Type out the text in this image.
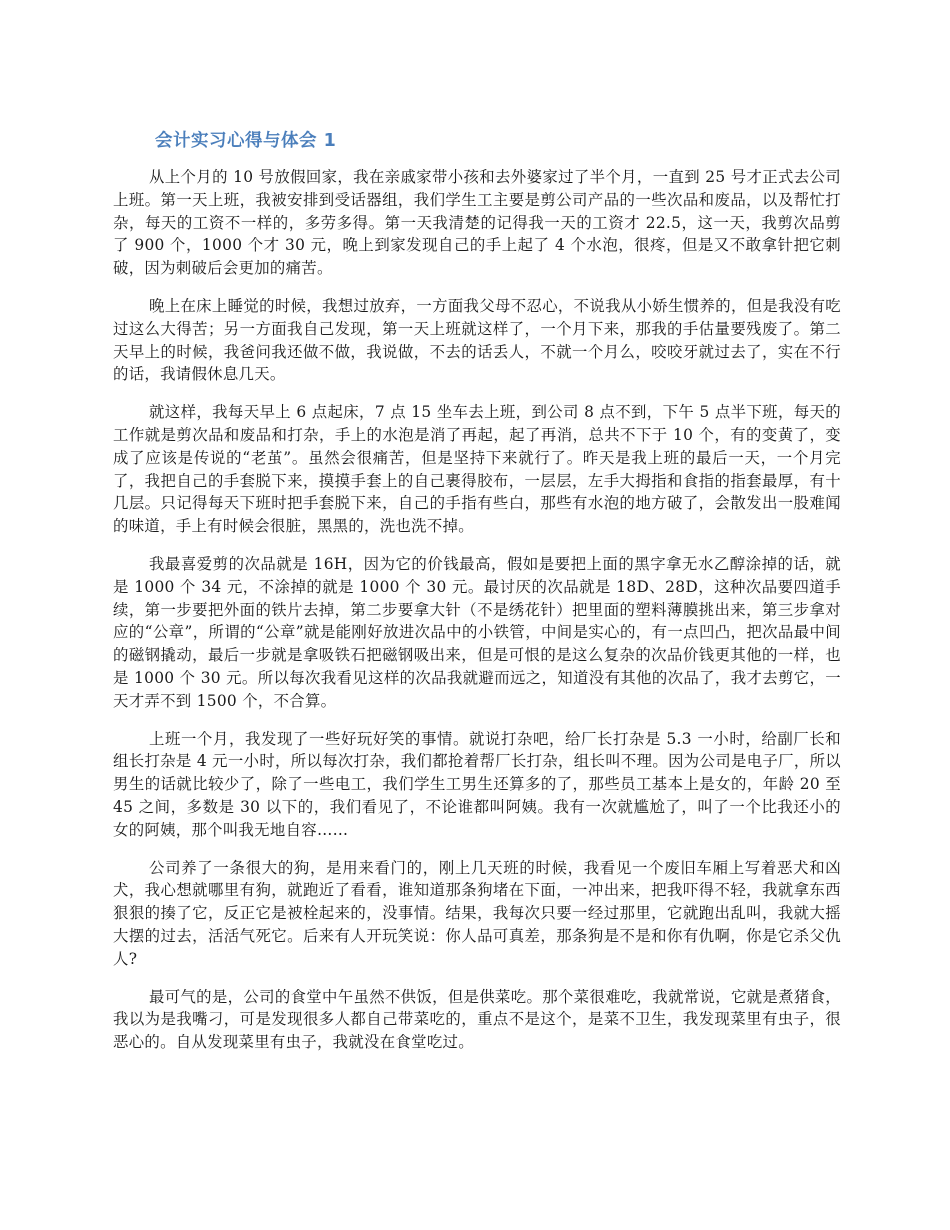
会计实习心得与体会 1

从上个月的 10 号放假回家，我在亲戚家带小孩和去外婆家过了半个月，一直到 25 号才正式去公司上班。第一天上班，我被安排到受话器组，我们学生工主要是剪公司产品的一些次品和废品，以及帮忙打杂，每天的工资不一样的，多劳多得。第一天我清楚的记得我一天的工资才 22.5，这一天，我剪次品剪了 900 个，1000 个才 30 元，晚上到家发现自己的手上起了 4 个水泡，很疼，但是又不敢拿针把它刺破，因为刺破后会更加的痛苦。

晚上在床上睡觉的时候，我想过放弃，一方面我父母不忍心，不说我从小娇生惯养的，但是我没有吃过这么大得苦；另一方面我自己发现，第一天上班就这样了，一个月下来，那我的手估量要残废了。第二天早上的时候，我爸问我还做不做，我说做，不去的话丢人，不就一个月么，咬咬牙就过去了，实在不行的话，我请假休息几天。

就这样，我每天早上 6 点起床，7 点 15 坐车去上班，到公司 8 点不到，下午 5 点半下班，每天的工作就是剪次品和废品和打杂，手上的水泡是消了再起，起了再消，总共不下于 10 个，有的变黄了，变成了应该是传说的“老茧”。虽然会很痛苦，但是坚持下来就行了。昨天是我上班的最后一天，一个月完了，我把自己的手套脱下来，摸摸手套上的自己裹得胶布，一层层，左手大拇指和食指的指套最厚，有十几层。只记得每天下班时把手套脱下来，自己的手指有些白，那些有水泡的地方破了，会散发出一股难闻的味道，手上有时候会很脏，黑黑的，洗也洗不掉。

我最喜爱剪的次品就是 16H，因为它的价钱最高，假如是要把上面的黑字拿无水乙醇涂掉的话，就是 1000 个 34 元，不涂掉的就是 1000 个 30 元。最讨厌的次品就是 18D、28D，这种次品要四道手续，第一步要把外面的铁片去掉，第二步要拿大针（不是绣花针）把里面的塑料薄膜挑出来，第三步拿对应的“公章”，所谓的“公章”就是能刚好放进次品中的小铁管，中间是实心的，有一点凹凸，把次品最中间的磁钢撬动，最后一步就是拿吸铁石把磁钢吸出来，但是可恨的是这么复杂的次品价钱更其他的一样，也是 1000 个 30 元。所以每次我看见这样的次品我就避而远之，知道没有其他的次品了，我才去剪它，一天才弄不到 1500 个，不合算。

上班一个月，我发现了一些好玩好笑的事情。就说打杂吧，给厂长打杂是 5.3 一小时，给副厂长和组长打杂是 4 元一小时，所以每次打杂，我们都抢着帮厂长打杂，组长叫不理。因为公司是电子厂，所以男生的话就比较少了，除了一些电工，我们学生工男生还算多的了，那些员工基本上是女的，年龄 20 至 45 之间，多数是 30 以下的，我们看见了，不论谁都叫阿姨。我有一次就尴尬了，叫了一个比我还小的女的阿姨，那个叫我无地自容……

公司养了一条很大的狗，是用来看门的，刚上几天班的时候，我看见一个废旧车厢上写着恶犬和凶犬，我心想就哪里有狗，就跑近了看看，谁知道那条狗堵在下面，一冲出来，把我吓得不轻，我就拿东西狠狠的揍了它，反正它是被栓起来的，没事情。结果，我每次只要一经过那里，它就跑出乱叫，我就大摇大摆的过去，活活气死它。后来有人开玩笑说：你人品可真差，那条狗是不是和你有仇啊，你是它杀父仇人?

最可气的是，公司的食堂中午虽然不供饭，但是供菜吃。那个菜很难吃，我就常说，它就是煮猪食，我以为是我嘴刁，可是发现很多人都自己带菜吃的，重点不是这个，是菜不卫生，我发现菜里有虫子，很恶心的。自从发现菜里有虫子，我就没在食堂吃过。
